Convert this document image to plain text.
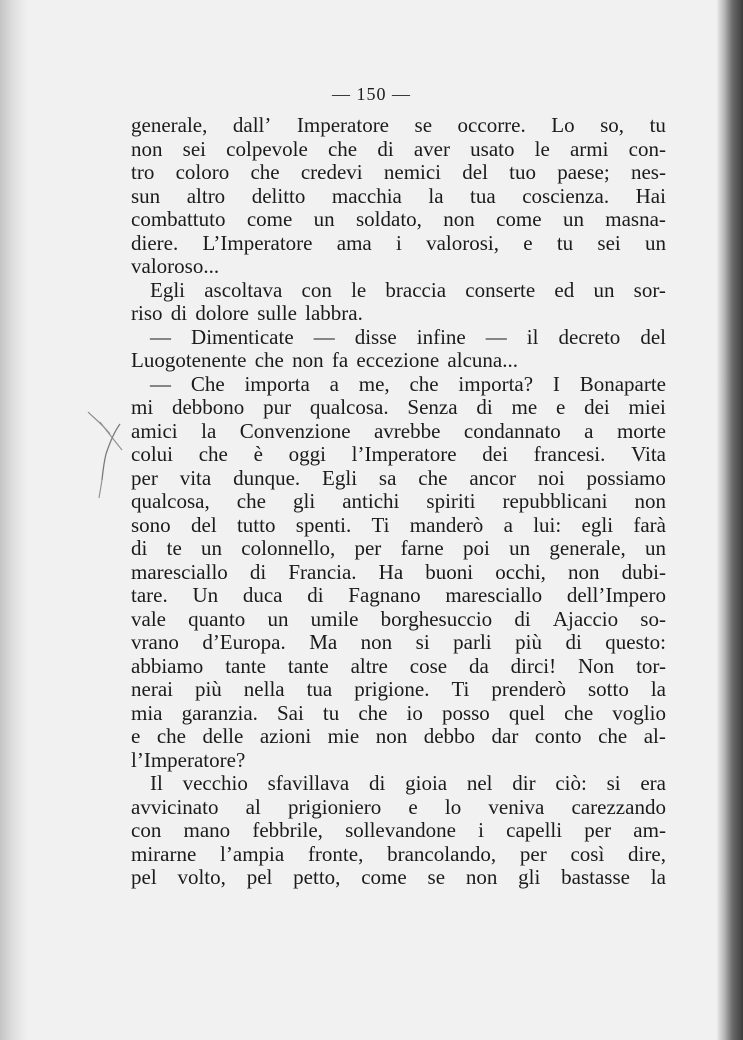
— 150 —
generale, dall’ Imperatore se occorre. Lo so, tu
non sei colpevole che di aver usato le armi con-
tro coloro che credevi nemici del tuo paese; nes-
sun altro delitto macchia la tua coscienza. Hai
combattuto come un soldato, non come un masna-
diere. L’Imperatore ama i valorosi, e tu sei un
valoroso...
Egli ascoltava con le braccia conserte ed un sor-
riso di dolore sulle labbra.
— Dimenticate — disse infine — il decreto del
Luogotenente che non fa eccezione alcuna...
— Che importa a me, che importa? I Bonaparte
mi debbono pur qualcosa. Senza di me e dei miei
amici la Convenzione avrebbe condannato a morte
colui che è oggi l’Imperatore dei francesi. Vita
per vita dunque. Egli sa che ancor noi possiamo
qualcosa, che gli antichi spiriti repubblicani non
sono del tutto spenti. Ti manderò a lui: egli farà
di te un colonnello, per farne poi un generale, un
maresciallo di Francia. Ha buoni occhi, non dubi-
tare. Un duca di Fagnano maresciallo dell’Impero
vale quanto un umile borghesuccio di Ajaccio so-
vrano d’Europa. Ma non si parli più di questo:
abbiamo tante tante altre cose da dirci! Non tor-
nerai più nella tua prigione. Ti prenderò sotto la
mia garanzia. Sai tu che io posso quel che voglio
e che delle azioni mie non debbo dar conto che al-
l’Imperatore?
Il vecchio sfavillava di gioia nel dir ciò: si era
avvicinato al prigioniero e lo veniva carezzando
con mano febbrile, sollevandone i capelli per am-
mirarne l’ampia fronte, brancolando, per così dire,
pel volto, pel petto, come se non gli bastasse la
